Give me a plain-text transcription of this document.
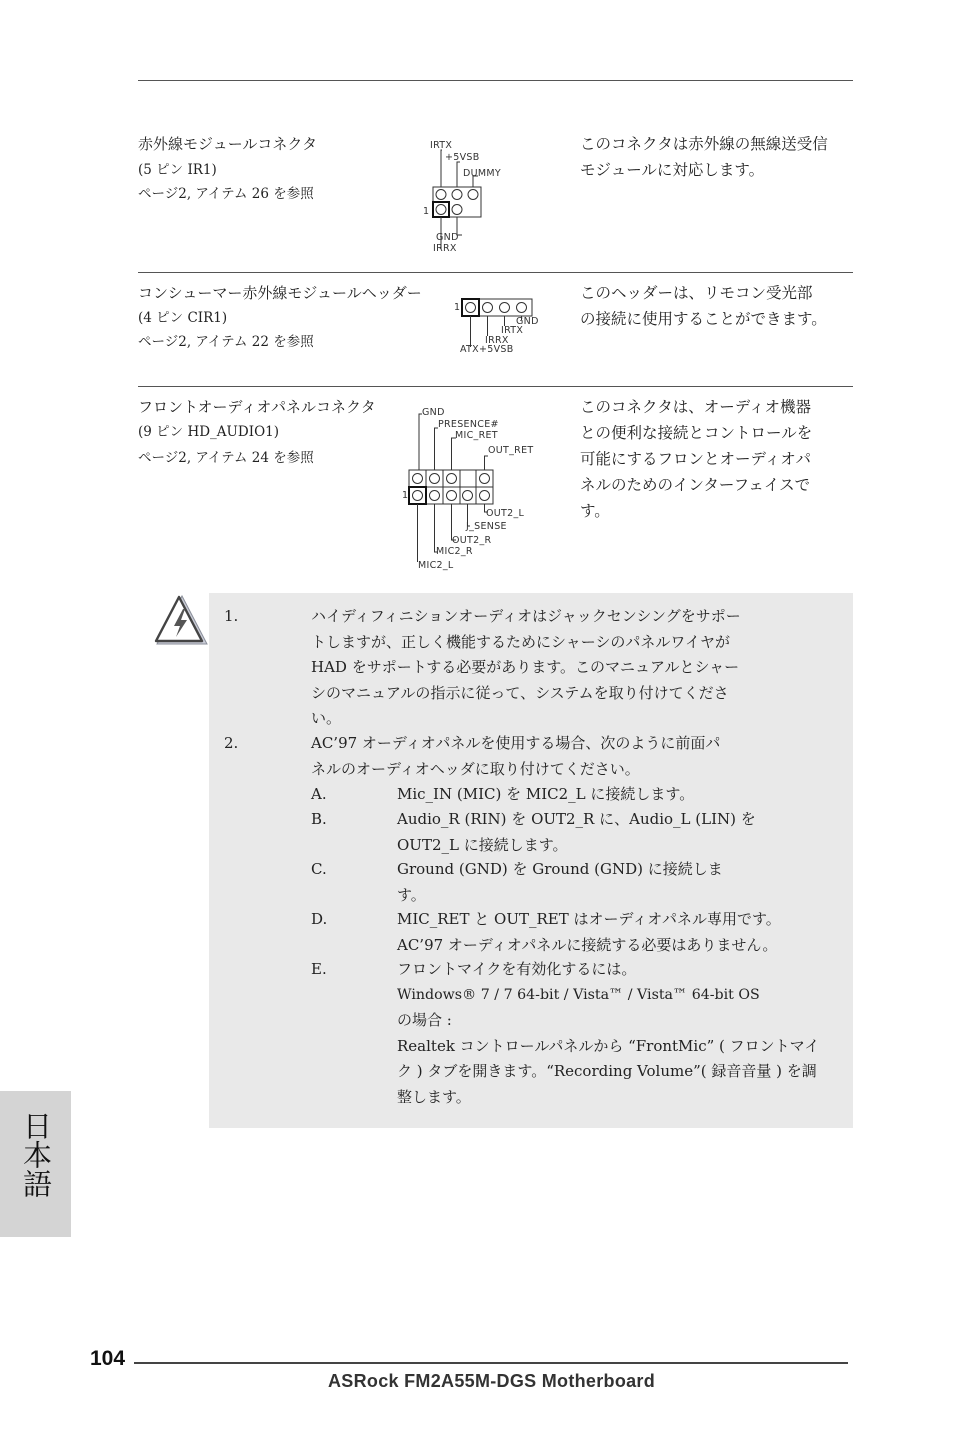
赤外線モジュールコネクタ
(5 ピン IR1)
ページ2, アイテム 26 を参照
このコネクタは赤外線の無線送受信
モジュールに対応します。
IRTX
+5VSB
DUMMY
1
GND
IRRX
コンシューマー赤外線モジュールヘッダー
(4 ピン CIR1)
ページ2, アイテム 22 を参照
このヘッダーは、リモコン受光部
の接続に使用することができます。
1
GND
IRTX
IRRX
ATX+5VSB
フロントオーディオパネルコネクタ
(9 ピン HD_AUDIO1)
ページ2, アイテム 24 を参照
このコネクタは、オーディオ機器
との便利な接続とコントロールを
可能にするフロンとオーディオパ
ネルのためのインターフェイスで
す。
GND
PRESENCE#
MIC_RET
OUT_RET
1
OUT2_L
J_SENSE
OUT2_R
MIC2_R
MIC2_L
1.	ハイディフィニションオーディオはジャックセンシングをサポー
トしますが、正しく機能するためにシャーシのパネルワイヤが
HAD をサポートする必要があります。このマニュアルとシャー
シのマニュアルの指示に従って、システムを取り付けてくださ
い。
2.	AC’97 オーディオパネルを使用する場合、次のように前面パ
ネルのオーディオヘッダに取り付けてください。
A.	Mic_IN (MIC) を MIC2_L に接続します。
B.	Audio_R (RIN) を OUT2_R に、Audio_L (LIN) を
OUT2_L に接続します。
C.	Ground (GND) を Ground (GND) に接続しま
す。
D.	MIC_RET と OUT_RET はオーディオパネル専用です。
AC’97 オーディオパネルに接続する必要はありません。
E.	フロントマイクを有効化するには。
Windows® 7 / 7 64-bit / Vista™ / Vista™ 64-bit OS
の場合 :
Realtek コントロールパネルから “FrontMic” ( フロントマイ
ク ) タブを開きます。“Recording Volume”( 録音音量 ) を調
整します。
日本語
104
ASRock FM2A55M-DGS Motherboard
